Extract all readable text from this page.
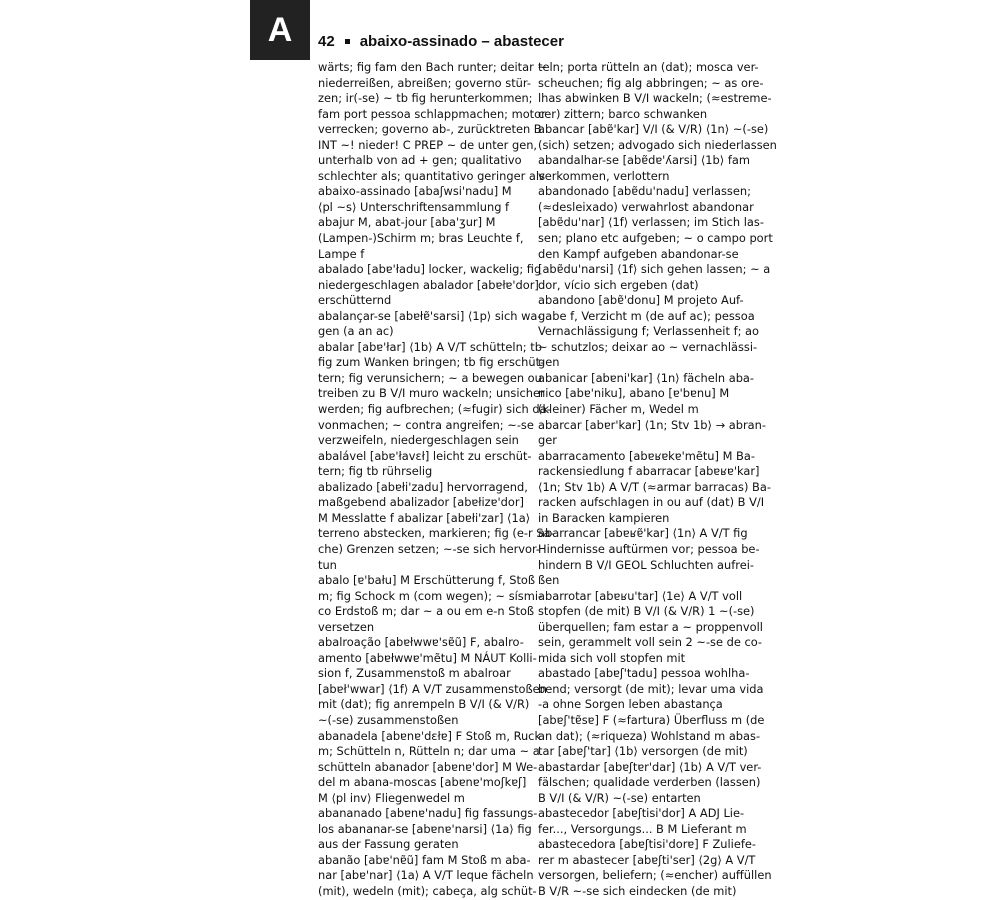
A	42 abaixo-assinado – abastecer
wärts; fig fam den Bach runter; deitar ~
niederreißen, abreißen; governo stür-
zen; ir(-se) ~ tb fig herunterkommen;
fam port pessoa schlappmachen; motor
verrecken; governo ab-, zurücktreten B
INT ~! nieder! C PREP ~ de unter gen,
unterhalb von ad + gen; qualitativo
schlechter als; quantitativo geringer als
abaixo-assinado [abaʃwsi'nadu] M
⟨pl ~s⟩ Unterschriftensammlung f
abajur M, abat-jour [aba'ʒur] M
(Lampen-)Schirm m; bras Leuchte f,
Lampe f
abalado [abɐ'ładu] locker, wackelig; fig
niedergeschlagen abalador [abɐłɐ'dor]
erschütternd
abalançar-se [abɐłɐ̃'sarsi] ⟨1p⟩ sich wa-
gen (a an ac)
abalar [abɐ'łar] ⟨1b⟩ A V/T schütteln; tb
fig zum Wanken bringen; tb fig erschüt-
tern; fig verunsichern; ~ a bewegen ou
treiben zu B V/I muro wackeln; unsicher
werden; fig aufbrechen; (≈fugir) sich da-
vonmachen; ~ contra angreifen; ~-se
verzweifeln, niedergeschlagen sein
abalável [abɐ'łavɛł] leicht zu erschüt-
tern; fig tb rührselig
abalizado [abɐłi'zadu] hervorragend,
maßgebend abalizador [abɐłizɐ'dor]
M Messlatte f abalizar [abɐłi'zar] ⟨1a⟩
terreno abstecken, markieren; fig (e-r Sa-
che) Grenzen setzen; ~-se sich hervor-
tun
abalo [ɐ'bału] M Erschütterung f, Stoß
m; fig Schock m (com wegen); ~ sísmi-
co Erdstoß m; dar ~ a ou em e-n Stoß
versetzen
abalroação [abɐłwwɐ'sɐ̃ũ] F, abalro-
amento [abɐłwwɐ'mẽtu] M NÁUT Kolli-
sion f, Zusammenstoß m abalroar
[abɐł'wwar] ⟨1f⟩ A V/T zusammenstoßen
mit (dat); fig anrempeln B V/I (& V/R)
~(-se) zusammenstoßen
abanadela [abɐnɐ'dɛłɐ] F Stoß m, Ruck
m; Schütteln n, Rütteln n; dar uma ~ a
schütteln abanador [abɐnɐ'dor] M We-
del m abana-moscas [abɐnɐ'moʃkɐʃ]
M ⟨pl inv⟩ Fliegenwedel m
abananado [abɐnɐ'nadu] fig fassungs-
los abananar-se [abɐnɐ'narsi] ⟨1a⟩ fig
aus der Fassung geraten
abanão [abɐ'nɐ̃ũ] fam M Stoß m aba-
nar [abɐ'nar] ⟨1a⟩ A V/T leque fächeln
(mit), wedeln (mit); cabeça, alg schüt-
teln; porta rütteln an (dat); mosca ver-
scheuchen; fig alg abbringen; ~ as ore-
lhas abwinken B V/I wackeln; (≈estreme-
cer) zittern; barco schwanken
abancar [abɐ̃'kar] V/I (& V/R) ⟨1n⟩ ~(-se)
(sich) setzen; advogado sich niederlassen
abandalhar-se [abɐ̃dɐ'ʎarsi] ⟨1b⟩ fam
verkommen, verlottern
abandonado [abɐ̃du'nadu] verlassen;
(≈desleixado) verwahrlost abandonar
[abɐ̃du'nar] ⟨1f⟩ verlassen; im Stich las-
sen; plano etc aufgeben; ~ o campo port
den Kampf aufgeben abandonar-se
[abɐ̃du'narsi] ⟨1f⟩ sich gehen lassen; ~ a
dor, vício sich ergeben (dat)
abandono [abɐ̃'donu] M projeto Auf-
gabe f, Verzicht m (de auf ac); pessoa
Vernachlässigung f; Verlassenheit f; ao
~ schutzlos; deixar ao ~ vernachlässi-
gen
abanicar [abɐni'kar] ⟨1n⟩ fächeln aba-
nico [abɐ'niku], abano [ɐ'bɐnu] M
(kleiner) Fächer m, Wedel m
abarcar [abɐr'kar] ⟨1n; Stv 1b⟩ → abran-
ger
abarracamento [abɐʁɐkɐ'mẽtu] M Ba-
rackensiedlung f abarracar [abɐʁɐ'kar]
⟨1n; Stv 1b⟩ A V/T (≈armar barracas) Ba-
racken aufschlagen in ou auf (dat) B V/I
in Baracken kampieren
abarrancar [abɐʁɐ̃'kar] ⟨1n⟩ A V/T fig
Hindernisse auftürmen vor; pessoa be-
hindern B V/I GEOL Schluchten aufrei-
ßen
abarrotar [abɐʁu'tar] ⟨1e⟩ A V/T voll
stopfen (de mit) B V/I (& V/R) 1 ~(-se)
überquellen; fam estar a ~ proppenvoll
sein, gerammelt voll sein 2 ~-se de co-
mida sich voll stopfen mit
abastado [abɐʃ'tadu] pessoa wohlha-
bend; versorgt (de mit); levar uma vida
-a ohne Sorgen leben abastança
[abɐʃ'tɐ̃sɐ] F (≈fartura) Überfluss m (de
an dat); (≈riqueza) Wohlstand m abas-
tar [abɐʃ'tar] ⟨1b⟩ versorgen (de mit)
abastardar [abɐʃtɐr'dar] ⟨1b⟩ A V/T ver-
fälschen; qualidade verderben (lassen)
B V/I (& V/R) ~(-se) entarten
abastecedor [abɐʃtisi'dor] A ADJ Lie-
fer..., Versorgungs... B M Lieferant m
abastecedora [abɐʃtisi'dorɐ] F Zuliefe-
rer m abastecer [abɐʃti'ser] ⟨2g⟩ A V/T
versorgen, beliefern; (≈encher) auffüllen
B V/R ~-se sich eindecken (de mit)
